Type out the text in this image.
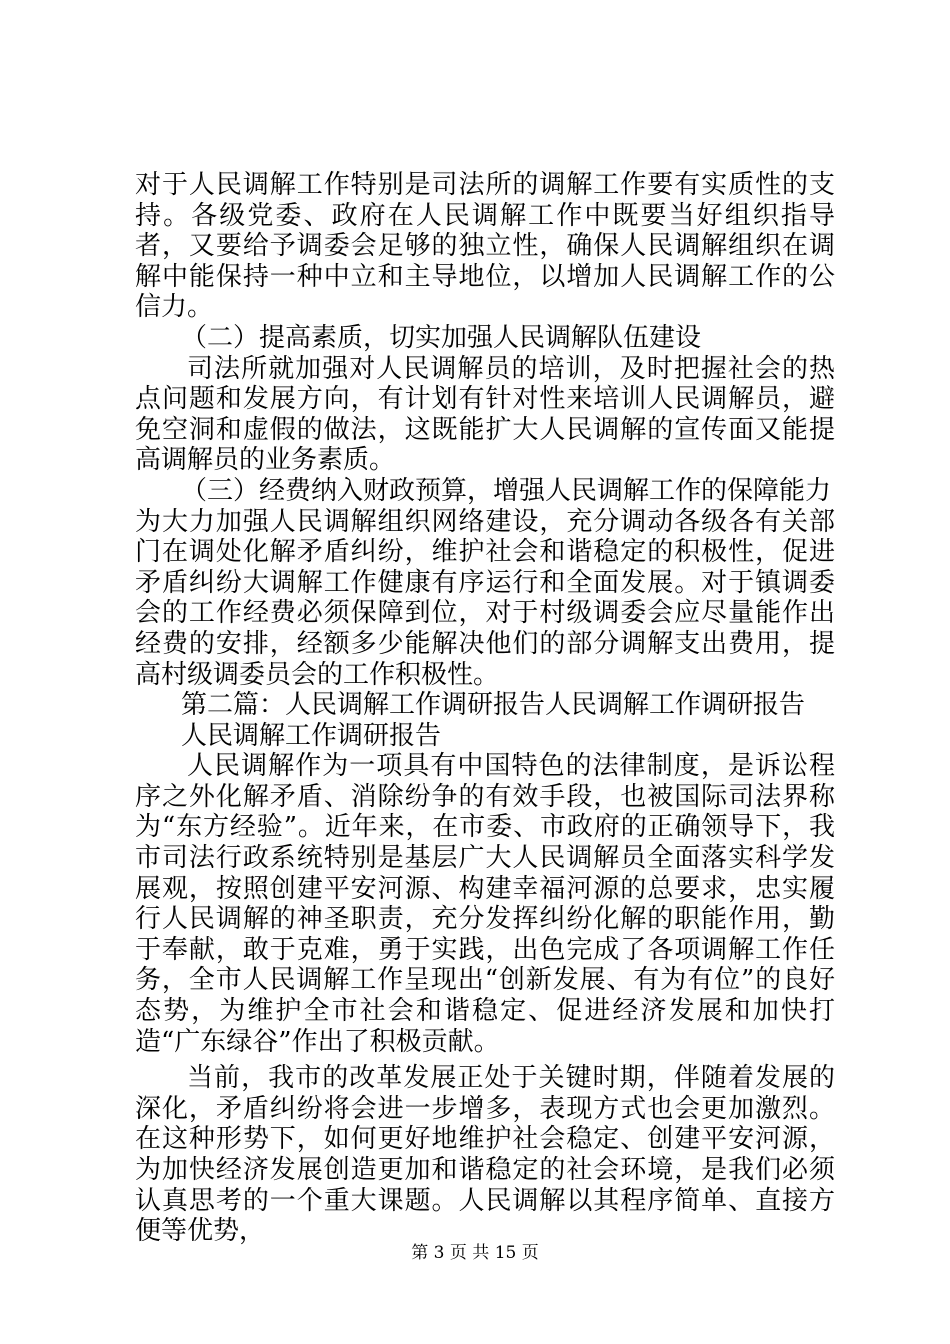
对于人民调解工作特别是司法所的调解工作要有实质性的支持。各级党委、政府在人民调解工作中既要当好组织指导者，又要给予调委会足够的独立性，确保人民调解组织在调解中能保持一种中立和主导地位，以增加人民调解工作的公信力。

（二）提高素质，切实加强人民调解队伍建设

司法所就加强对人民调解员的培训，及时把握社会的热点问题和发展方向，有计划有针对性来培训人民调解员，避免空洞和虚假的做法，这既能扩大人民调解的宣传面又能提高调解员的业务素质。

（三）经费纳入财政预算，增强人民调解工作的保障能力

为大力加强人民调解组织网络建设，充分调动各级各有关部门在调处化解矛盾纠纷，维护社会和谐稳定的积极性，促进矛盾纠纷大调解工作健康有序运行和全面发展。对于镇调委会的工作经费必须保障到位，对于村级调委会应尽量能作出经费的安排，经额多少能解决他们的部分调解支出费用，提高村级调委员会的工作积极性。

第二篇：人民调解工作调研报告人民调解工作调研报告

人民调解工作调研报告

人民调解作为一项具有中国特色的法律制度，是诉讼程序之外化解矛盾、消除纷争的有效手段，也被国际司法界称为“东方经验”。近年来，在市委、市政府的正确领导下，我市司法行政系统特别是基层广大人民调解员全面落实科学发展观，按照创建平安河源、构建幸福河源的总要求，忠实履行人民调解的神圣职责，充分发挥纠纷化解的职能作用，勤于奉献，敢于克难，勇于实践，出色完成了各项调解工作任务，全市人民调解工作呈现出“创新发展、有为有位”的良好态势，为维护全市社会和谐稳定、促进经济发展和加快打造“广东绿谷”作出了积极贡献。

当前，我市的改革发展正处于关键时期，伴随着发展的深化，矛盾纠纷将会进一步增多，表现方式也会更加激烈。在这种形势下，如何更好地维护社会稳定、创建平安河源，为加快经济发展创造更加和谐稳定的社会环境，是我们必须认真思考的一个重大课题。人民调解以其程序简单、直接方便等优势，

第 3 页 共 15 页
